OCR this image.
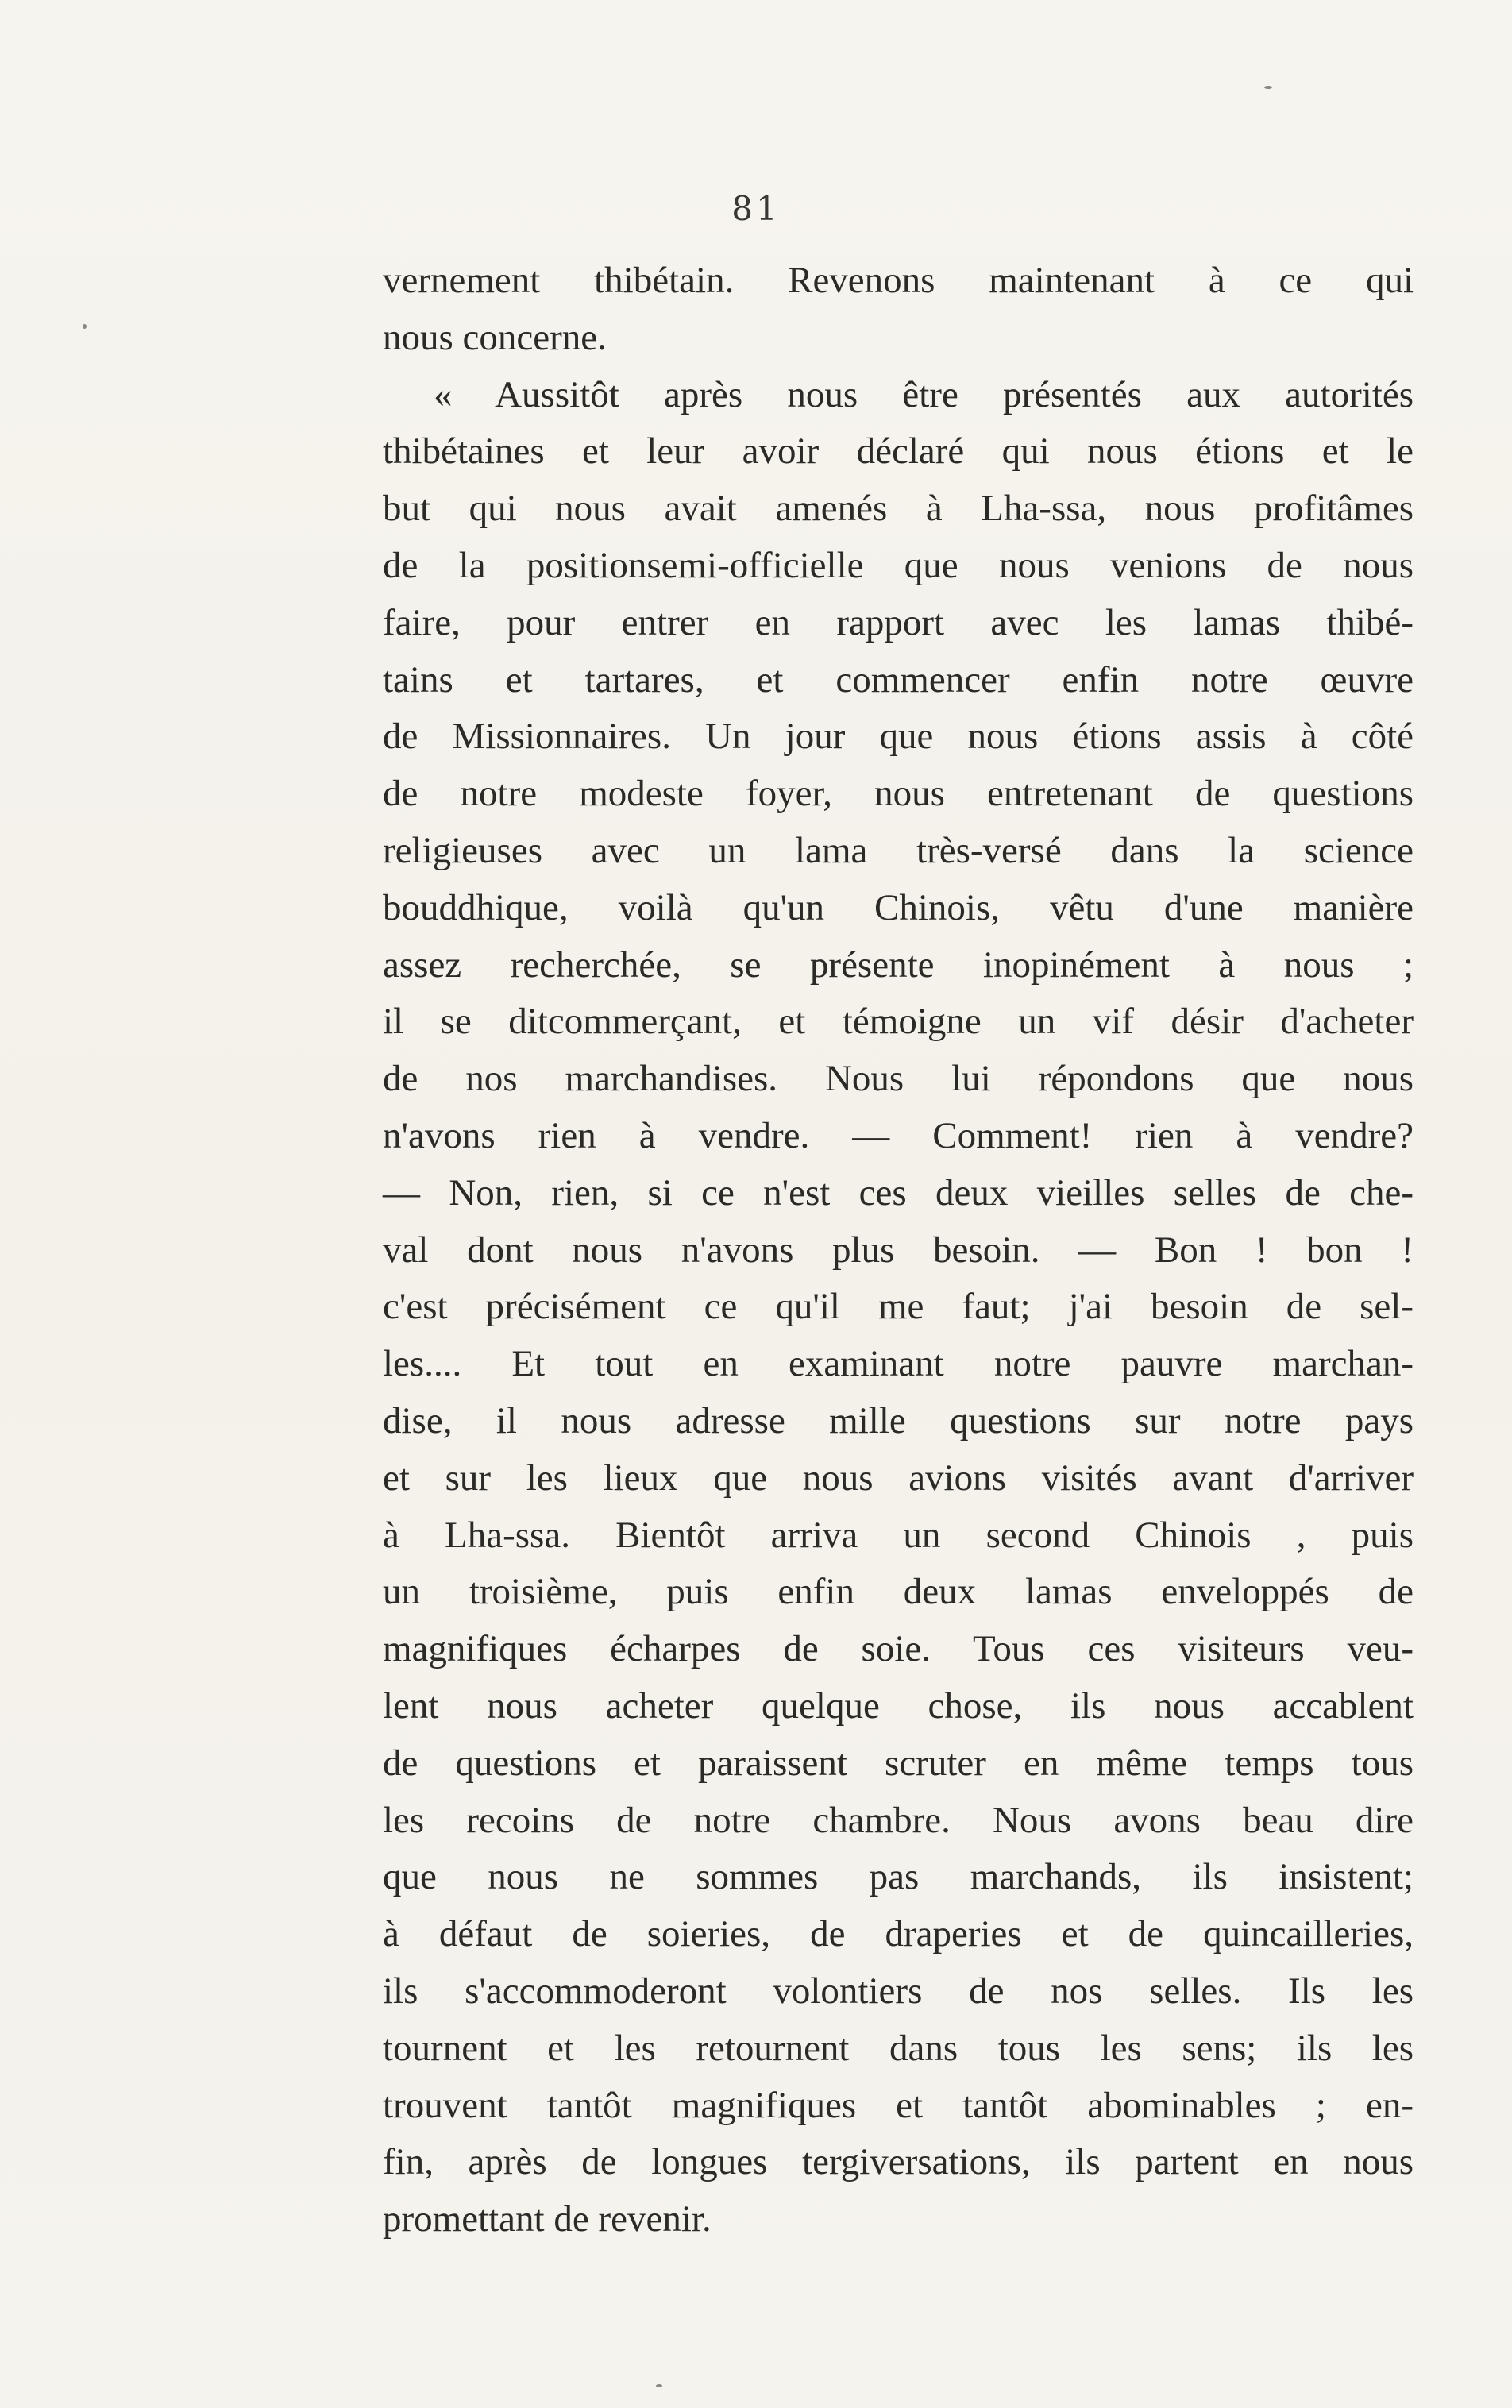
81
vernement thibétain. Revenons maintenant à ce qui
nous concerne.
« Aussitôt après nous être présentés aux autorités
thibétaines et leur avoir déclaré qui nous étions et le
but qui nous avait amenés à Lha-ssa, nous profitâmes
de la positionsemi-officielle que nous venions de nous
faire, pour entrer en rapport avec les lamas thibé-
tains et tartares, et commencer enfin notre œuvre
de Missionnaires. Un jour que nous étions assis à côté
de notre modeste foyer, nous entretenant de questions
religieuses avec un lama très-versé dans la science
bouddhique, voilà qu'un Chinois, vêtu d'une manière
assez recherchée, se présente inopinément à nous ;
il se ditcommerçant, et témoigne un vif désir d'acheter
de nos marchandises. Nous lui répondons que nous
n'avons rien à vendre. — Comment! rien à vendre?
— Non, rien, si ce n'est ces deux vieilles selles de che-
val dont nous n'avons plus besoin. — Bon ! bon !
c'est précisément ce qu'il me faut; j'ai besoin de sel-
les.... Et tout en examinant notre pauvre marchan-
dise, il nous adresse mille questions sur notre pays
et sur les lieux que nous avions visités avant d'arriver
à Lha-ssa. Bientôt arriva un second Chinois , puis
un troisième, puis enfin deux lamas enveloppés de
magnifiques écharpes de soie. Tous ces visiteurs veu-
lent nous acheter quelque chose, ils nous accablent
de questions et paraissent scruter en même temps tous
les recoins de notre chambre. Nous avons beau dire
que nous ne sommes pas marchands, ils insistent;
à défaut de soieries, de draperies et de quincailleries,
ils s'accommoderont volontiers de nos selles. Ils les
tournent et les retournent dans tous les sens; ils les
trouvent tantôt magnifiques et tantôt abominables ; en-
fin, après de longues tergiversations, ils partent en nous
promettant de revenir.
